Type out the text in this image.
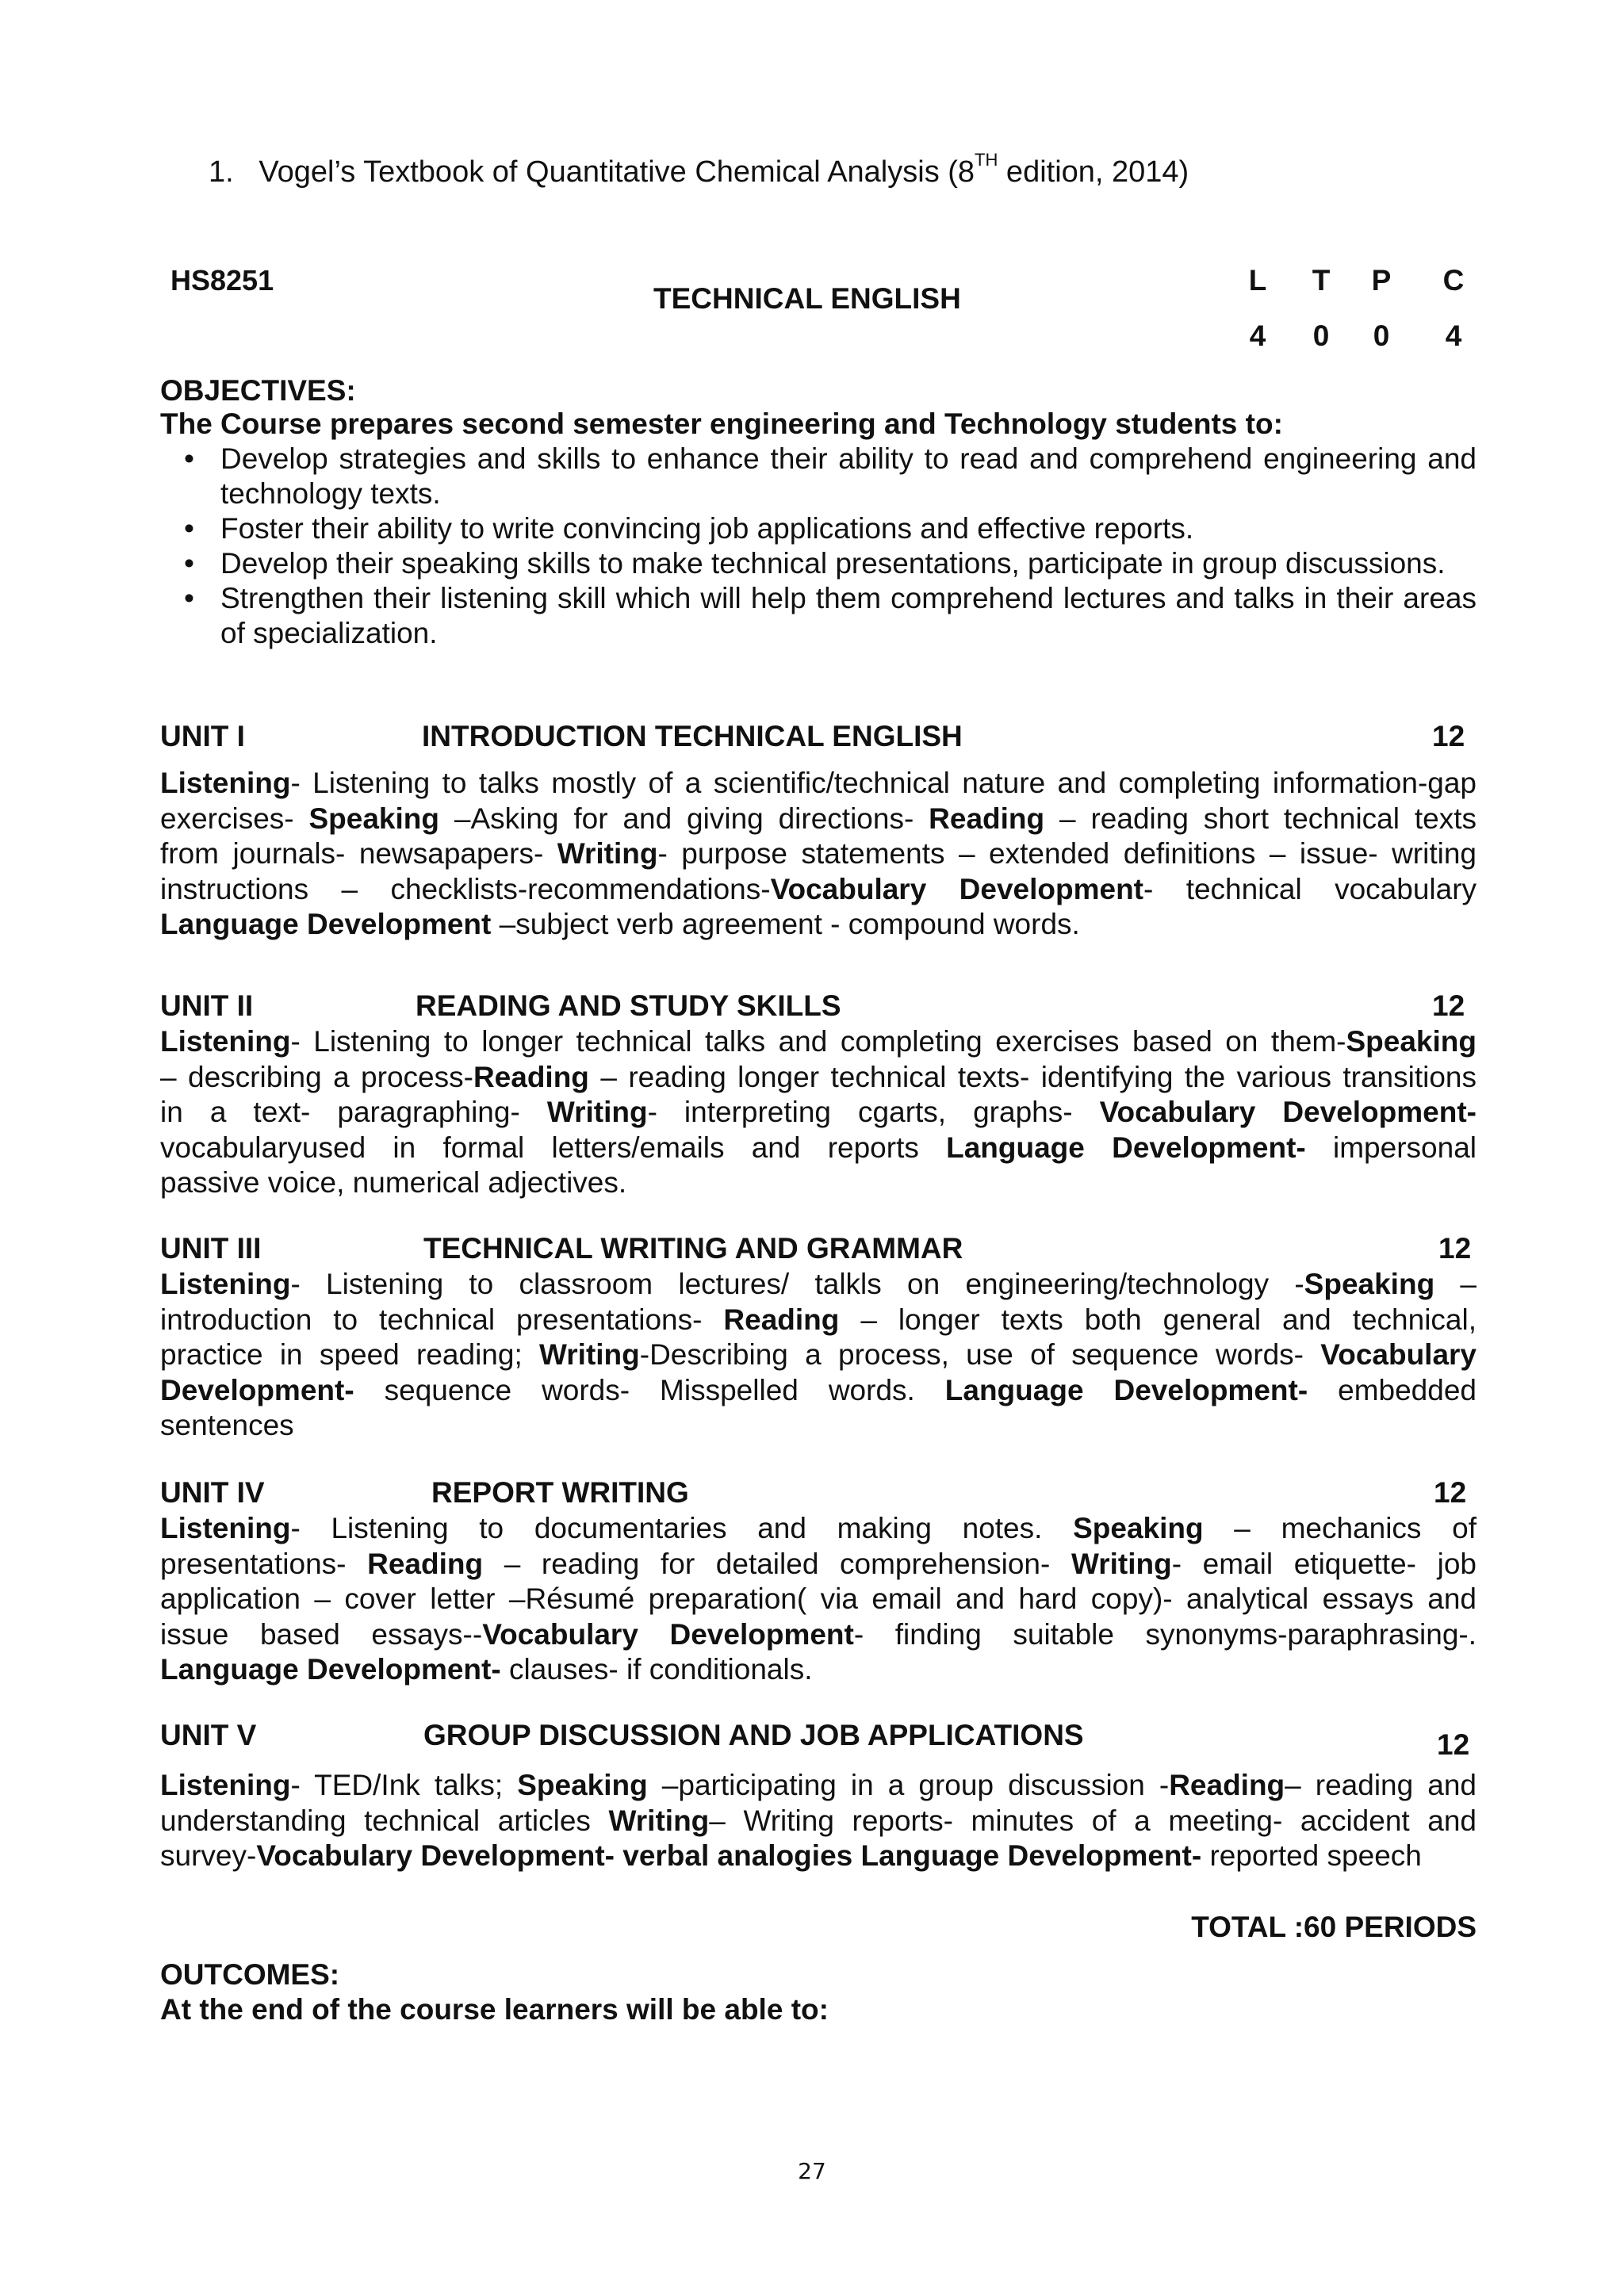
1. Vogel’s Textbook of Quantitative Chemical Analysis (8TH edition, 2014)
HS8251
TECHNICAL ENGLISH
L T P C
4 0 0 4
OBJECTIVES:
The Course prepares second semester engineering and Technology students to:
• Develop strategies and skills to enhance their ability to read and comprehend engineering and technology texts.
• Foster their ability to write convincing job applications and effective reports.
• Develop their speaking skills to make technical presentations, participate in group discussions.
• Strengthen their listening skill which will help them comprehend lectures and talks in their areas of specialization.
UNIT I	INTRODUCTION TECHNICAL ENGLISH	12
Listening- Listening to talks mostly of a scientific/technical nature and completing information-gap
exercises- Speaking –Asking for and giving directions- Reading – reading short technical texts
from journals- newsapapers- Writing- purpose statements – extended definitions – issue- writing
instructions – checklists-recommendations-Vocabulary Development- technical vocabulary
Language Development –subject verb agreement - compound words.
UNIT II	READING AND STUDY SKILLS	12
Listening- Listening to longer technical talks and completing exercises based on them-Speaking
– describing a process-Reading – reading longer technical texts- identifying the various transitions
in a text- paragraphing- Writing- interpreting cgarts, graphs- Vocabulary Development-
vocabularyused in formal letters/emails and reports Language Development- impersonal
passive voice, numerical adjectives.
UNIT III	TECHNICAL WRITING AND GRAMMAR	12
Listening- Listening to classroom lectures/ talkls on engineering/technology -Speaking –
introduction to technical presentations- Reading – longer texts both general and technical,
practice in speed reading; Writing-Describing a process, use of sequence words- Vocabulary
Development- sequence words- Misspelled words. Language Development- embedded
sentences
UNIT IV	REPORT WRITING	12
Listening- Listening to documentaries and making notes. Speaking – mechanics of
presentations- Reading – reading for detailed comprehension- Writing- email etiquette- job
application – cover letter –Résumé preparation( via email and hard copy)- analytical essays and
issue based essays--Vocabulary Development- finding suitable synonyms-paraphrasing-.
Language Development- clauses- if conditionals.
UNIT V	GROUP DISCUSSION AND JOB APPLICATIONS	12
Listening- TED/Ink talks; Speaking –participating in a group discussion -Reading– reading and
understanding technical articles Writing– Writing reports- minutes of a meeting- accident and
survey-Vocabulary Development- verbal analogies Language Development- reported speech
TOTAL :60 PERIODS
OUTCOMES:
At the end of the course learners will be able to:
27
